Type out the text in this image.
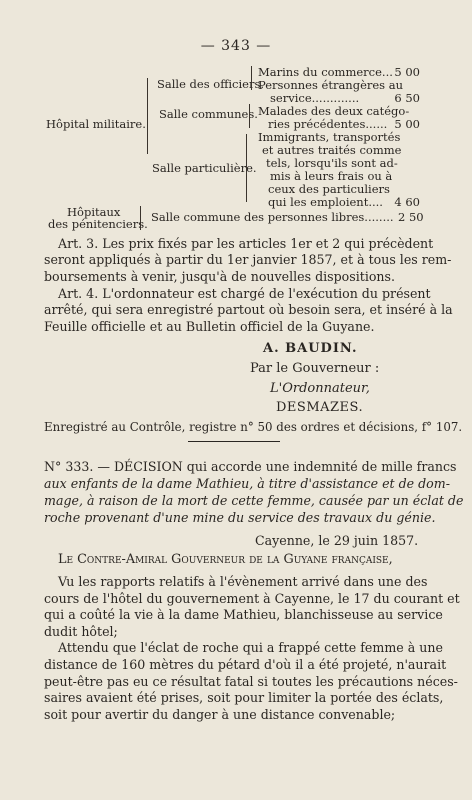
— 343 —
Hôpital militaire.
Salle des officiers.
Salle communes.
Salle particulière.
Marins du commerce... 5 00
Personnes étrangères au
service.............	6 50
Malades des deux catégo-
ries précédentes...... 5 00
Immigrants, transportés
et autres traités comme
tels, lorsqu'ils sont ad-
mis à leurs frais ou à
ceux des particuliers
qui les emploient.... 4 60
Hôpitaux
des pénitenciers. Salle commune des personnes libres........ 2 50
Art. 3. Les prix fixés par les articles 1er et 2 qui précèdent
seront appliqués à partir du 1er janvier 1857, et à tous les rem-
boursements à venir, jusqu'à de nouvelles dispositions.
Art. 4. L'ordonnateur est chargé de l'exécution du présent
arrêté, qui sera enregistré partout où besoin sera, et inséré à la
Feuille officielle et au Bulletin officiel de la Guyane.
A. BAUDIN.
Par le Gouverneur :
L'Ordonnateur,
DESMAZES.
Enregistré au Contrôle, registre n° 50 des ordres et décisions, f° 107.
N° 333. — DÉCISION qui accorde une indemnité de mille francs
aux enfants de la dame Mathieu, à titre d'assistance et de dom-
mage, à raison de la mort de cette femme, causée par un éclat de
roche provenant d'une mine du service des travaux du génie.
Cayenne, le 29 juin 1857.
Le Contre-Amiral Gouverneur de la Guyane française,
Vu les rapports relatifs à l'évènement arrivé dans une des
cours de l'hôtel du gouvernement à Cayenne, le 17 du courant et
qui a coûté la vie à la dame Mathieu, blanchisseuse au service
dudit hôtel;
Attendu que l'éclat de roche qui a frappé cette femme à une
distance de 160 mètres du pétard d'où il a été projeté, n'aurait
peut-être pas eu ce résultat fatal si toutes les précautions néces-
saires avaient été prises, soit pour limiter la portée des éclats,
soit pour avertir du danger à une distance convenable;
